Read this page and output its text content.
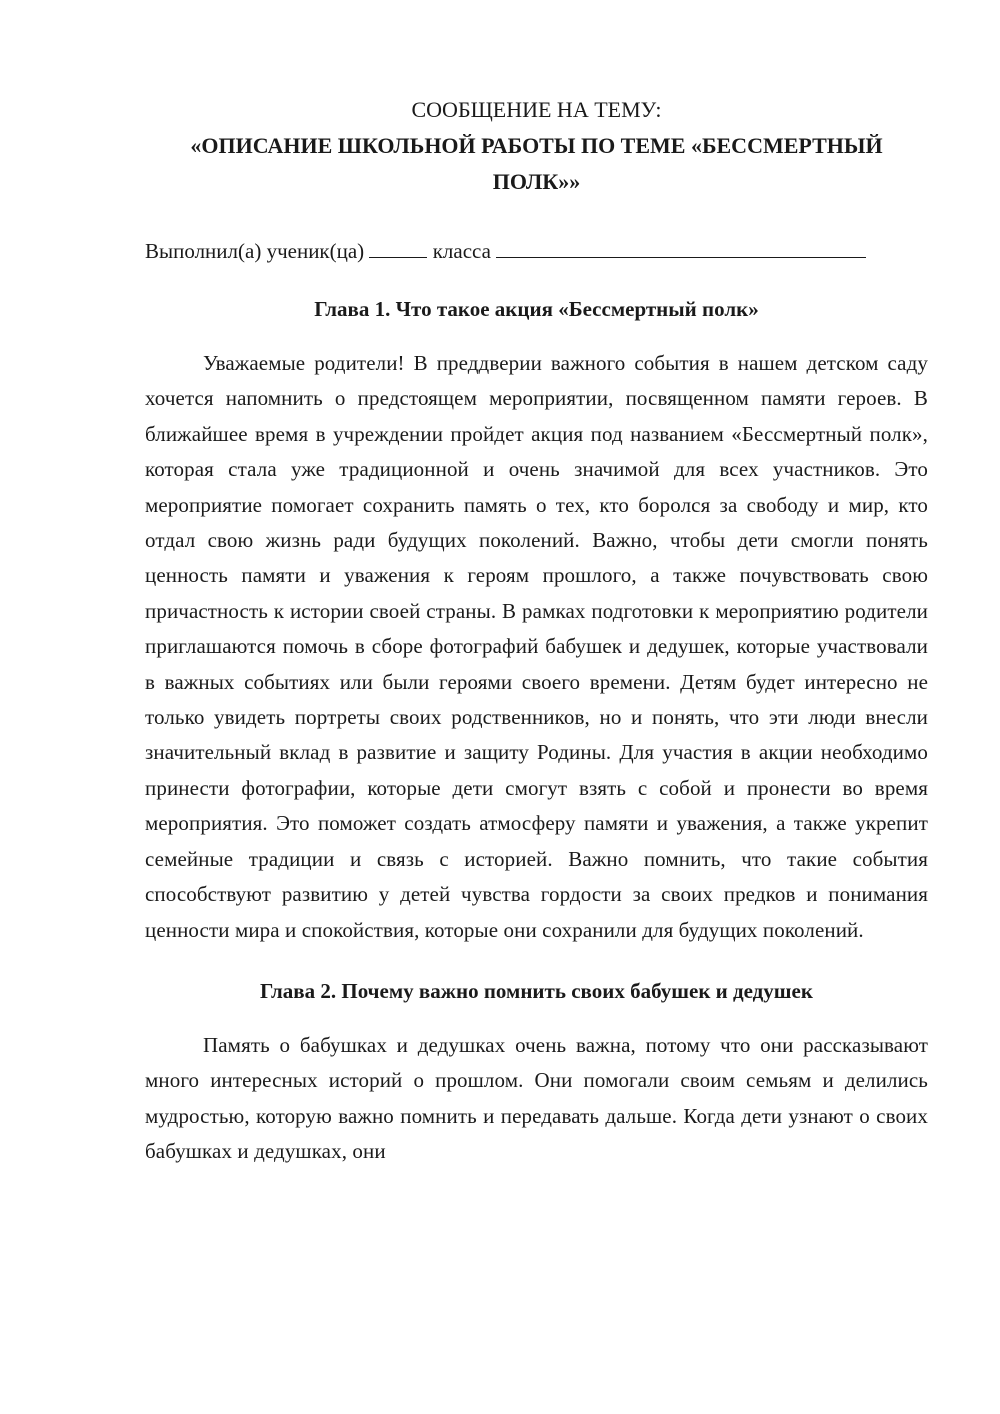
СООБЩЕНИЕ НА ТЕМУ:

«ОПИСАНИЕ ШКОЛЬНОЙ РАБОТЫ ПО ТЕМЕ «БЕССМЕРТНЫЙ ПОЛК»»

Выполнил(а) ученик(ца)	класса

Глава 1. Что такое акция «Бессмертный полк»

Уважаемые родители! В преддверии важного события в нашем детском саду хочется напомнить о предстоящем мероприятии, посвященном памяти героев. В ближайшее время в учреждении пройдет акция под названием «Бессмертный полк», которая стала уже традиционной и очень значимой для всех участников. Это мероприятие помогает сохранить память о тех, кто боролся за свободу и мир, кто отдал свою жизнь ради будущих поколений. Важно, чтобы дети смогли понять ценность памяти и уважения к героям прошлого, а также почувствовать свою причастность к истории своей страны. В рамках подготовки к мероприятию родители приглашаются помочь в сборе фотографий бабушек и дедушек, которые участвовали в важных событиях или были героями своего времени. Детям будет интересно не только увидеть портреты своих родственников, но и понять, что эти люди внесли значительный вклад в развитие и защиту Родины. Для участия в акции необходимо принести фотографии, которые дети смогут взять с собой и пронести во время мероприятия. Это поможет создать атмосферу памяти и уважения, а также укрепит семейные традиции и связь с историей. Важно помнить, что такие события способствуют развитию у детей чувства гордости за своих предков и понимания ценности мира и спокойствия, которые они сохранили для будущих поколений.

Глава 2. Почему важно помнить своих бабушек и дедушек

Память о бабушках и дедушках очень важна, потому что они рассказывают много интересных историй о прошлом. Они помогали своим семьям и делились мудростью, которую важно помнить и передавать дальше. Когда дети узнают о своих бабушках и дедушках, они
